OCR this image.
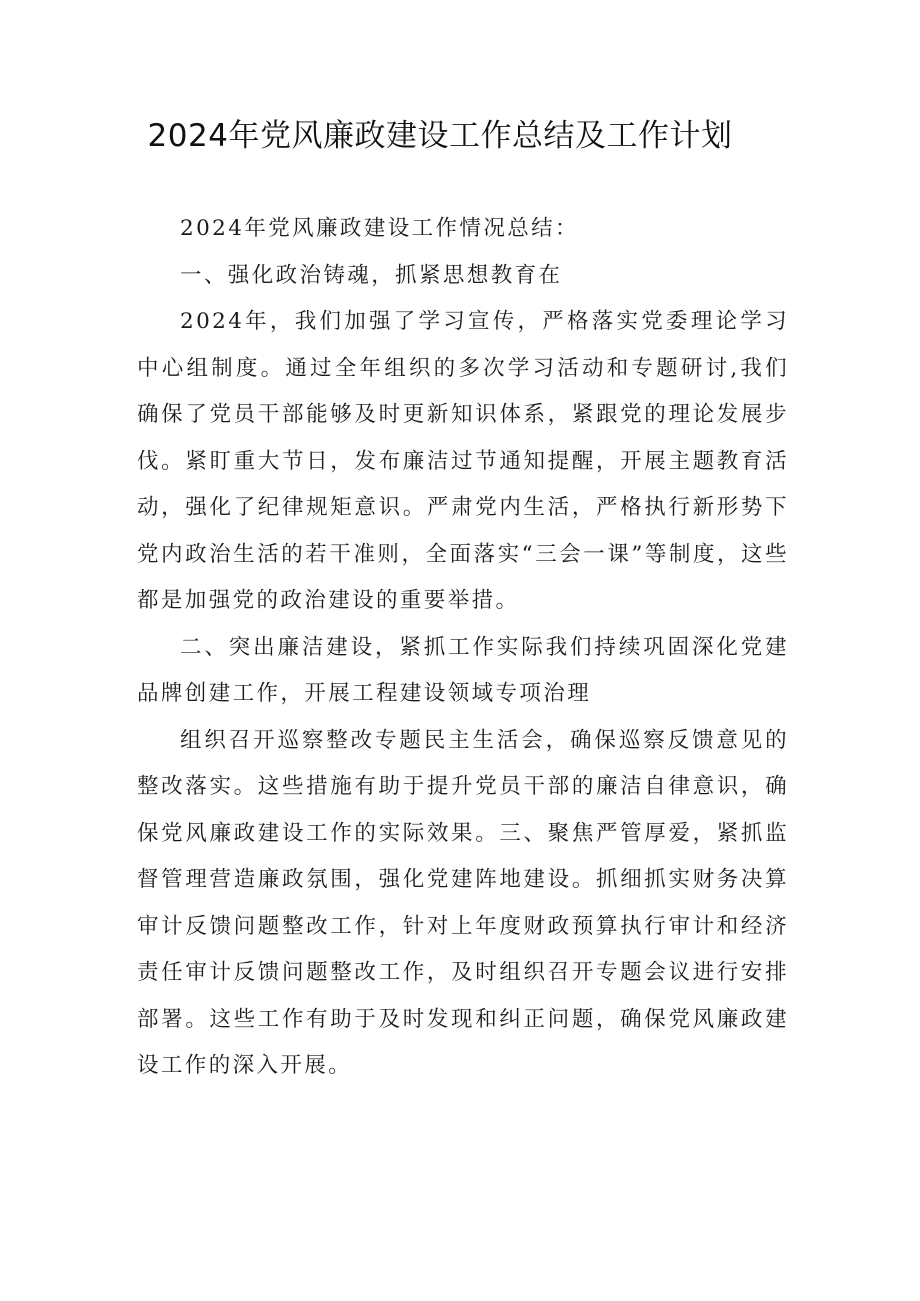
2024年党风廉政建设工作总结及工作计划

2024年党风廉政建设工作情况总结：

一、强化政治铸魂，抓紧思想教育在

2024年，我们加强了学习宣传，严格落实党委理论学习中心组制度。通过全年组织的多次学习活动和专题研讨,我们确保了党员干部能够及时更新知识体系，紧跟党的理论发展步伐。紧盯重大节日，发布廉洁过节通知提醒，开展主题教育活动，强化了纪律规矩意识。严肃党内生活，严格执行新形势下党内政治生活的若干准则，全面落实“三会一课”等制度，这些都是加强党的政治建设的重要举措。

二、突出廉洁建设，紧抓工作实际我们持续巩固深化党建品牌创建工作，开展工程建设领域专项治理

组织召开巡察整改专题民主生活会，确保巡察反馈意见的整改落实。这些措施有助于提升党员干部的廉洁自律意识，确保党风廉政建设工作的实际效果。三、聚焦严管厚爱，紧抓监督管理营造廉政氛围，强化党建阵地建设。抓细抓实财务决算审计反馈问题整改工作，针对上年度财政预算执行审计和经济责任审计反馈问题整改工作，及时组织召开专题会议进行安排部署。这些工作有助于及时发现和纠正问题，确保党风廉政建设工作的深入开展。
